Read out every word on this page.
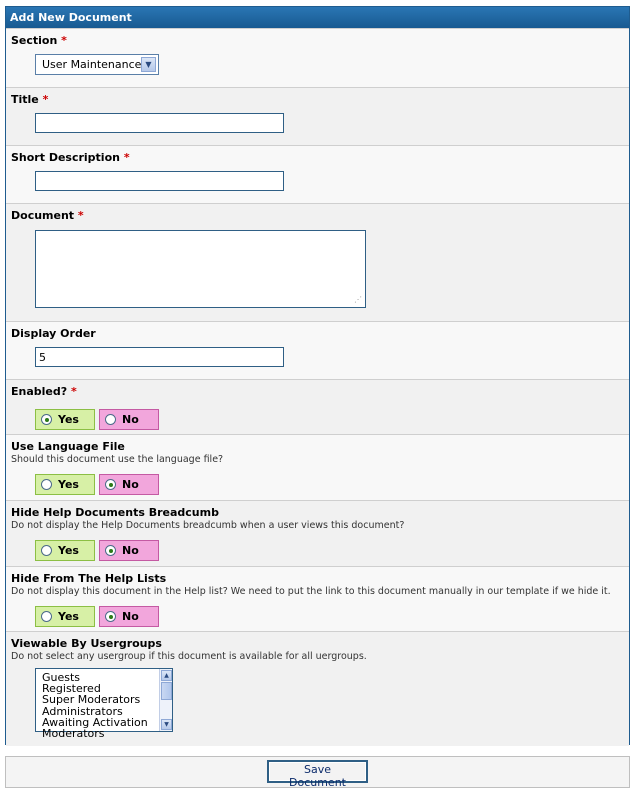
Add New Document
Section *
User Maintenance ▼
Title *
Short Description *
Document *
⋰
Display Order
5
Enabled? *
Yes	No
Use Language File
Should this document use the language file?
Yes	No
Hide Help Documents Breadcumb
Do not display the Help Documents breadcumb when a user views this document?
Yes	No
Hide From The Help Lists
Do not display this document in the Help list? We need to put the link to this document manually in our template if we hide it.
Yes	No
Viewable By Usergroups
Do not select any usergroup if this document is available for all uergroups.
Guests
Registered
Super Moderators
Administrators
Awaiting Activation
Moderators
▲
▼
Save Document
